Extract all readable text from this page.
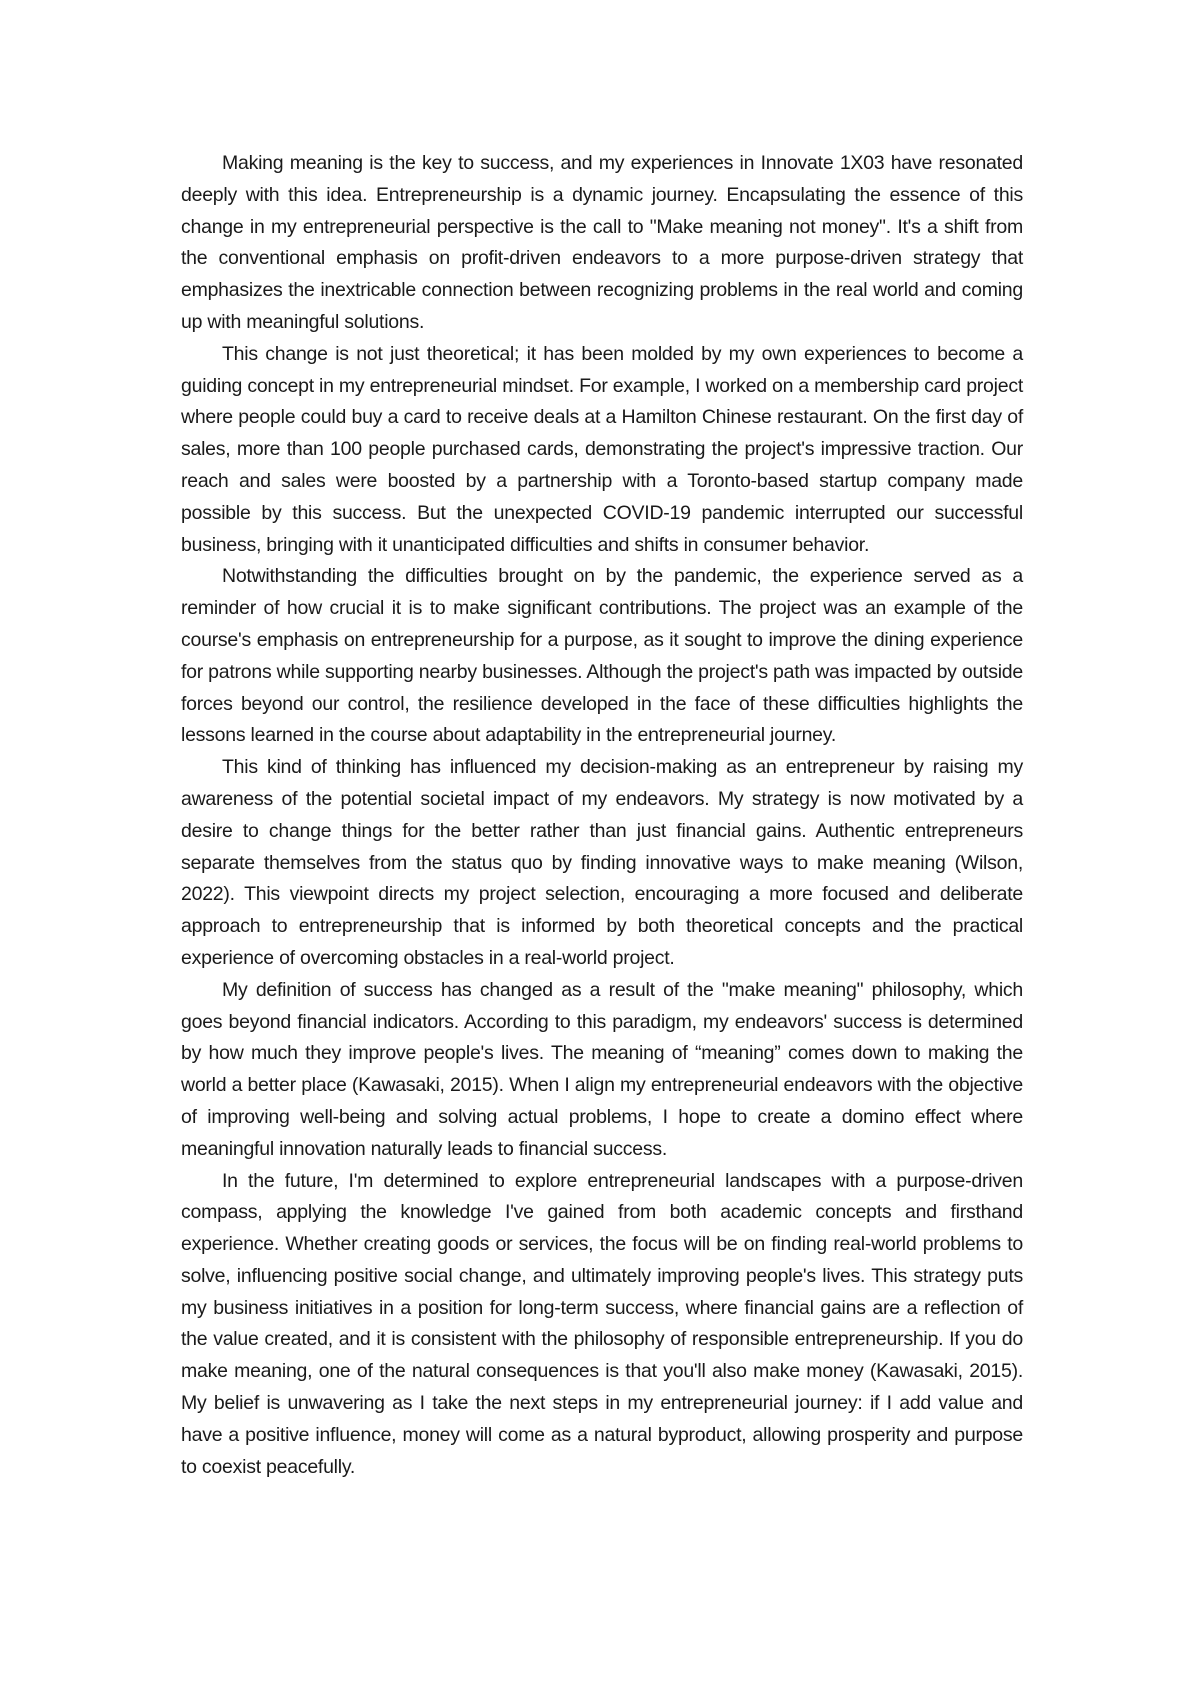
Making meaning is the key to success, and my experiences in Innovate 1X03 have resonated deeply with this idea. Entrepreneurship is a dynamic journey. Encapsulating the essence of this change in my entrepreneurial perspective is the call to "Make meaning not money". It's a shift from the conventional emphasis on profit-driven endeavors to a more purpose-driven strategy that emphasizes the inextricable connection between recognizing problems in the real world and coming up with meaningful solutions.

This change is not just theoretical; it has been molded by my own experiences to become a guiding concept in my entrepreneurial mindset. For example, I worked on a membership card project where people could buy a card to receive deals at a Hamilton Chinese restaurant. On the first day of sales, more than 100 people purchased cards, demonstrating the project's impressive traction. Our reach and sales were boosted by a partnership with a Toronto-based startup company made possible by this success. But the unexpected COVID-19 pandemic interrupted our successful business, bringing with it unanticipated difficulties and shifts in consumer behavior.

Notwithstanding the difficulties brought on by the pandemic, the experience served as a reminder of how crucial it is to make significant contributions. The project was an example of the course's emphasis on entrepreneurship for a purpose, as it sought to improve the dining experience for patrons while supporting nearby businesses. Although the project's path was impacted by outside forces beyond our control, the resilience developed in the face of these difficulties highlights the lessons learned in the course about adaptability in the entrepreneurial journey.

This kind of thinking has influenced my decision-making as an entrepreneur by raising my awareness of the potential societal impact of my endeavors. My strategy is now motivated by a desire to change things for the better rather than just financial gains. Authentic entrepreneurs separate themselves from the status quo by finding innovative ways to make meaning (Wilson, 2022). This viewpoint directs my project selection, encouraging a more focused and deliberate approach to entrepreneurship that is informed by both theoretical concepts and the practical experience of overcoming obstacles in a real-world project.

My definition of success has changed as a result of the "make meaning" philosophy, which goes beyond financial indicators. According to this paradigm, my endeavors' success is determined by how much they improve people's lives. The meaning of “meaning” comes down to making the world a better place (Kawasaki, 2015). When I align my entrepreneurial endeavors with the objective of improving well-being and solving actual problems, I hope to create a domino effect where meaningful innovation naturally leads to financial success.

In the future, I'm determined to explore entrepreneurial landscapes with a purpose-driven compass, applying the knowledge I've gained from both academic concepts and firsthand experience. Whether creating goods or services, the focus will be on finding real-world problems to solve, influencing positive social change, and ultimately improving people's lives. This strategy puts my business initiatives in a position for long-term success, where financial gains are a reflection of the value created, and it is consistent with the philosophy of responsible entrepreneurship. If you do make meaning, one of the natural consequences is that you'll also make money (Kawasaki, 2015). My belief is unwavering as I take the next steps in my entrepreneurial journey: if I add value and have a positive influence, money will come as a natural byproduct, allowing prosperity and purpose to coexist peacefully.
